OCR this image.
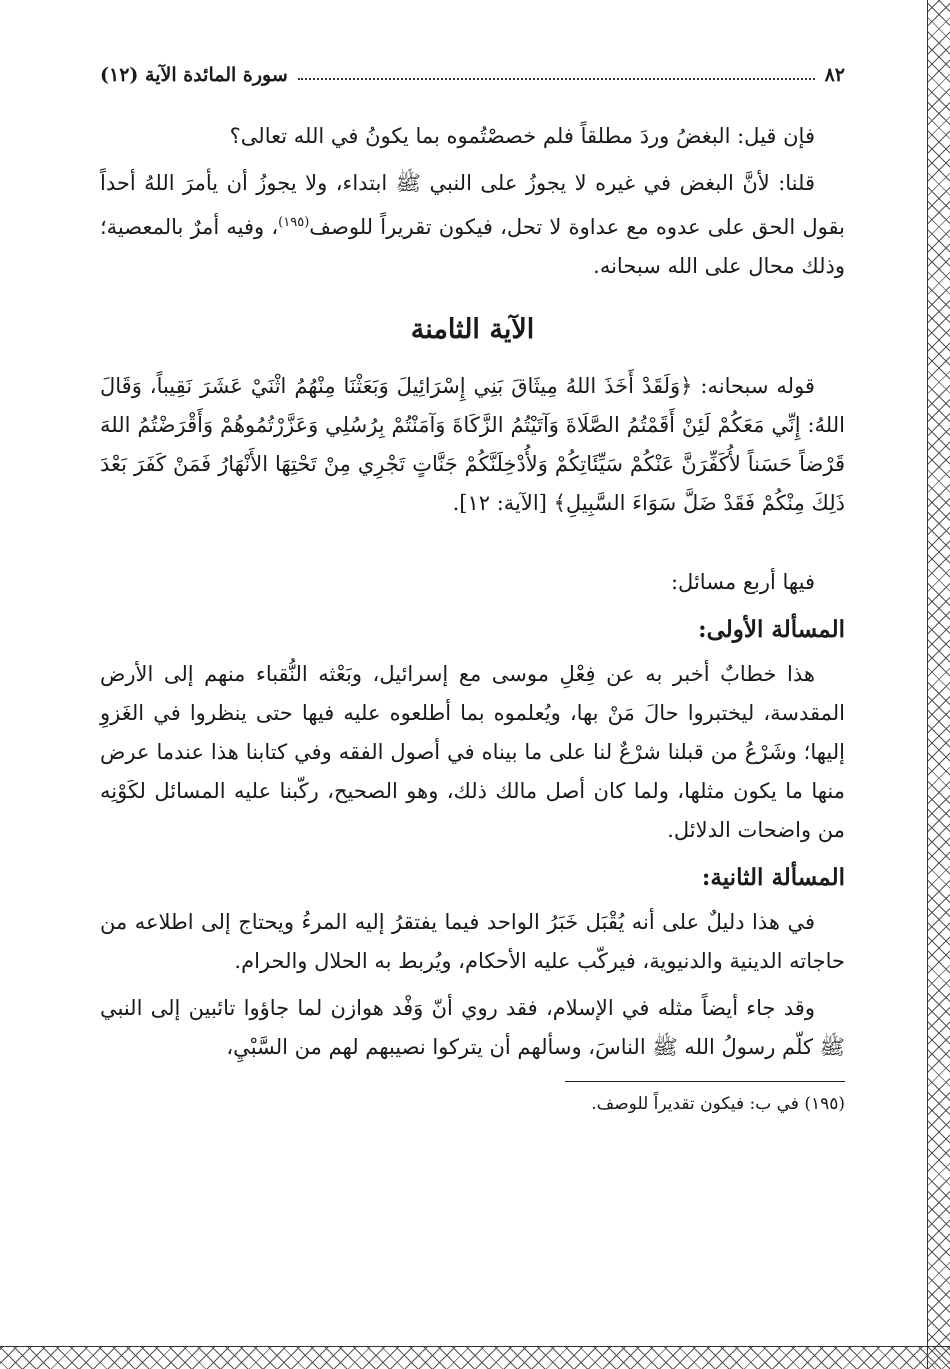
٨٢
سورة المائدة الآية (١٢)

فإن قيل: البغضُ وردَ مطلقاً فلم خصصْتُموه بما يكونُ في الله تعالى؟

قلنا: لأنَّ البغض في غيره لا يجوزُ على النبي ﷺ ابتداء، ولا يجوزُ أن يأمرَ اللهُ أحداً بقول الحق على عدوه مع عداوة لا تحل، فيكون تقريراً للوصف$^{(١٩٥)}$، وفيه أمرٌ بالمعصية؛ وذلك محال على الله سبحانه.

الآية الثامنة

قوله سبحانه: ﴿وَلَقَدْ أَخَذَ اللهُ مِيثَاقَ بَنِي إِسْرَائِيلَ وَبَعَثْنَا مِنْهُمُ اثْنَيْ عَشَرَ نَقِيباً، وَقَالَ اللهُ: إِنِّي مَعَكُمْ لَئِنْ أَقَمْتُمُ الصَّلَاةَ وَآتَيْتُمُ الزَّكَاةَ وَآمَنْتُمْ بِرُسُلِي وَعَزَّرْتُمُوهُمْ وَأَقْرَضْتُمُ اللهَ قَرْضاً حَسَناً لأُكَفِّرَنَّ عَنْكُمْ سَيِّئَاتِكُمْ وَلأُدْخِلَنَّكُمْ جَنَّاتٍ تَجْرِي مِنْ تَحْتِهَا الأَنْهَارُ فَمَنْ كَفَرَ بَعْدَ ذَلِكَ مِنْكُمْ فَقَدْ ضَلَّ سَوَاءَ السَّبِيلِ﴾ [الآية: ١٢].

فيها أربع مسائل:

المسألة الأولى:

هذا خطابٌ أخبر به عن فِعْلِ موسى مع إسرائيل، وبَعْثه النُّقباء منهم إلى الأرض المقدسة، ليختبروا حالَ مَنْ بها، ويُعلموه بما أطلعوه عليه فيها حتى ينظروا في الغَزوِ إليها؛ وشَرْعُ من قبلنا شرْعٌ لنا على ما بيناه في أصول الفقه وفي كتابنا هذا عندما عرض منها ما يكون مثلها، ولما كان أصل مالك ذلك، وهو الصحيح، ركّبنا عليه المسائل لكَوْنِه من واضحات الدلائل.

المسألة الثانية:

في هذا دليلٌ على أنه يُقْبَل خَبَرُ الواحد فيما يفتقرُ إليه المرءُ ويحتاج إلى اطلاعه من حاجاته الدينية والدنيوية، فيركّب عليه الأحكام، ويُربط به الحلال والحرام.

وقد جاء أيضاً مثله في الإسلام، فقد روي أنّ وَفْد هوازن لما جاؤوا تائبين إلى النبي ﷺ كلّم رسولُ الله ﷺ الناسَ، وسألهم أن يتركوا نصيبهم لهم من السَّبْيِ،

(١٩٥) في ب: فيكون تقديراً للوصف.
